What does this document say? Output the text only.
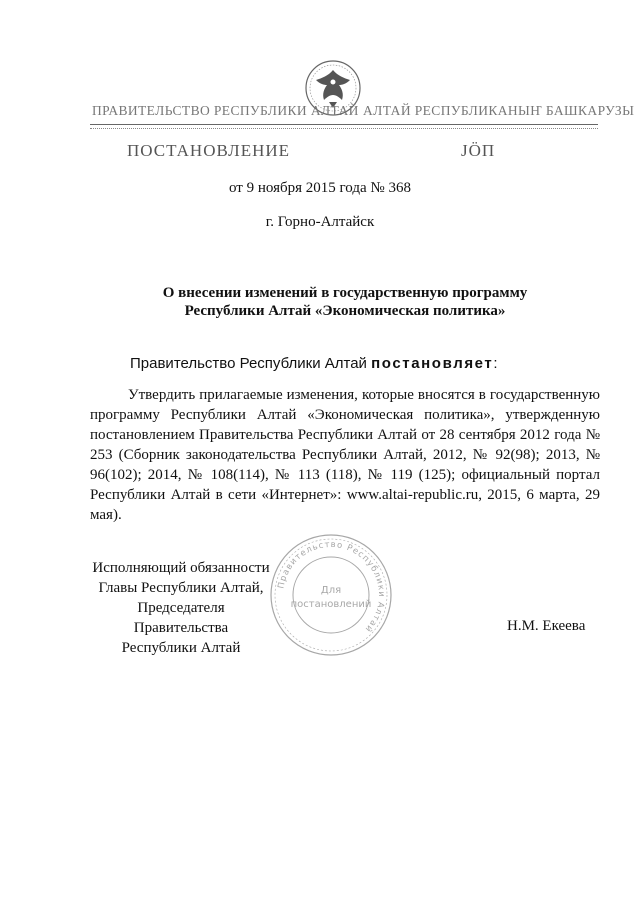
ПРАВИТЕЛЬСТВО РЕСПУБЛИКИ АЛТАЙ АЛТАЙ РЕСПУБЛИКАНЫҤ БАШКАРУЗЫ
ПОСТАНОВЛЕНИЕ	ЈӦП
от 9 ноября 2015 года № 368
г. Горно-Алтайск
О внесении изменений в государственную программу
Республики Алтай «Экономическая политика»
Правительство Республики Алтай постановляет:
Утвердить прилагаемые изменения, которые вносятся в государственную программу Республики Алтай «Экономическая политика», утвержденную постановлением Правительства Республики Алтай от 28 сентября 2012 года № 253 (Сборник законодательства Республики Алтай, 2012, № 92(98); 2013, № 96(102); 2014, № 108(114), № 113 (118), № 119 (125); официальный портал Республики Алтай в сети «Интернет»: www.altai-republic.ru, 2015, 6 марта, 29 мая).
Исполняющий обязанности
Главы Республики Алтай,
Председателя Правительства
Республики Алтай
Н.М. Екеева
Правительство Республики Алтай
Для
постановлений
